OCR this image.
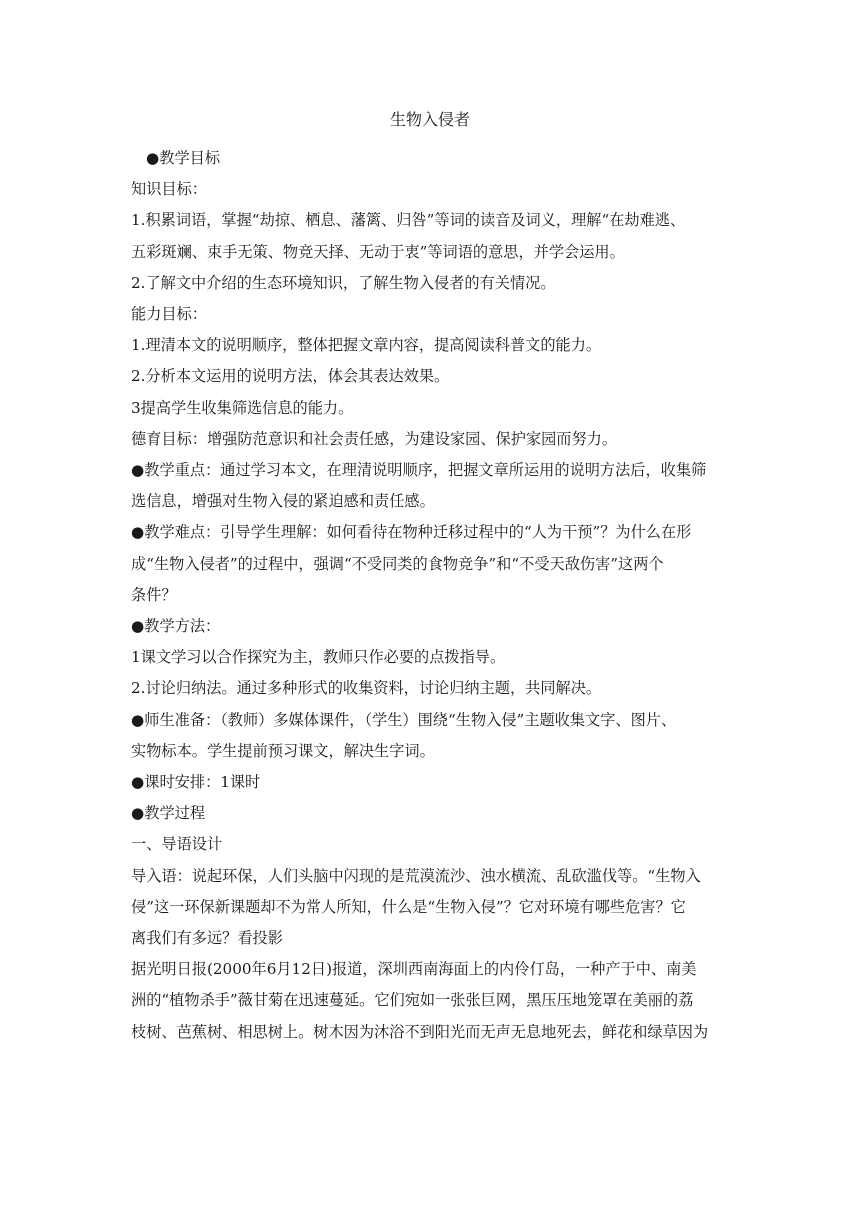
生物入侵者

●教学目标

知识目标：

1.积累词语，掌握“劫掠、栖息、藩篱、归咎”等词的读音及词义，理解“在劫难逃、

五彩斑斓、束手无策、物竞天择、无动于衷”等词语的意思，并学会运用。

2.了解文中介绍的生态环境知识，了解生物入侵者的有关情况。

能力目标：

1.理清本文的说明顺序，整体把握文章内容，提高阅读科普文的能力。

2.分析本文运用的说明方法，体会其表达效果。

3提高学生收集筛选信息的能力。

德育目标：增强防范意识和社会责任感，为建设家园、保护家园而努力。

●教学重点：通过学习本文，在理清说明顺序，把握文章所运用的说明方法后，收集筛

选信息，增强对生物入侵的紧迫感和责任感。

●教学难点：引导学生理解：如何看待在物种迁移过程中的“人为干预”？为什么在形

成“生物入侵者”的过程中，强调“不受同类的食物竞争”和“不受天敌伤害”这两个

条件？

●教学方法：

1课文学习以合作探究为主，教师只作必要的点拨指导。

2.讨论归纳法。通过多种形式的收集资料，讨论归纳主题，共同解决。

●师生准备：（教师）多媒体课件，（学生）围绕“生物入侵”主题收集文字、图片、

实物标本。学生提前预习课文，解决生字词。

●课时安排：1课时

●教学过程

一、导语设计

导入语：说起环保，人们头脑中闪现的是荒漠流沙、浊水横流、乱砍滥伐等。“生物入

侵”这一环保新课题却不为常人所知，什么是“生物入侵”？它对环境有哪些危害？它

离我们有多远？看投影

据光明日报(2000年6月12日)报道，深圳西南海面上的内伶仃岛，一种产于中、南美

洲的“植物杀手”薇甘菊在迅速蔓延。它们宛如一张张巨网，黑压压地笼罩在美丽的荔

枝树、芭蕉树、相思树上。树木因为沐浴不到阳光而无声无息地死去，鲜花和绿草因为
